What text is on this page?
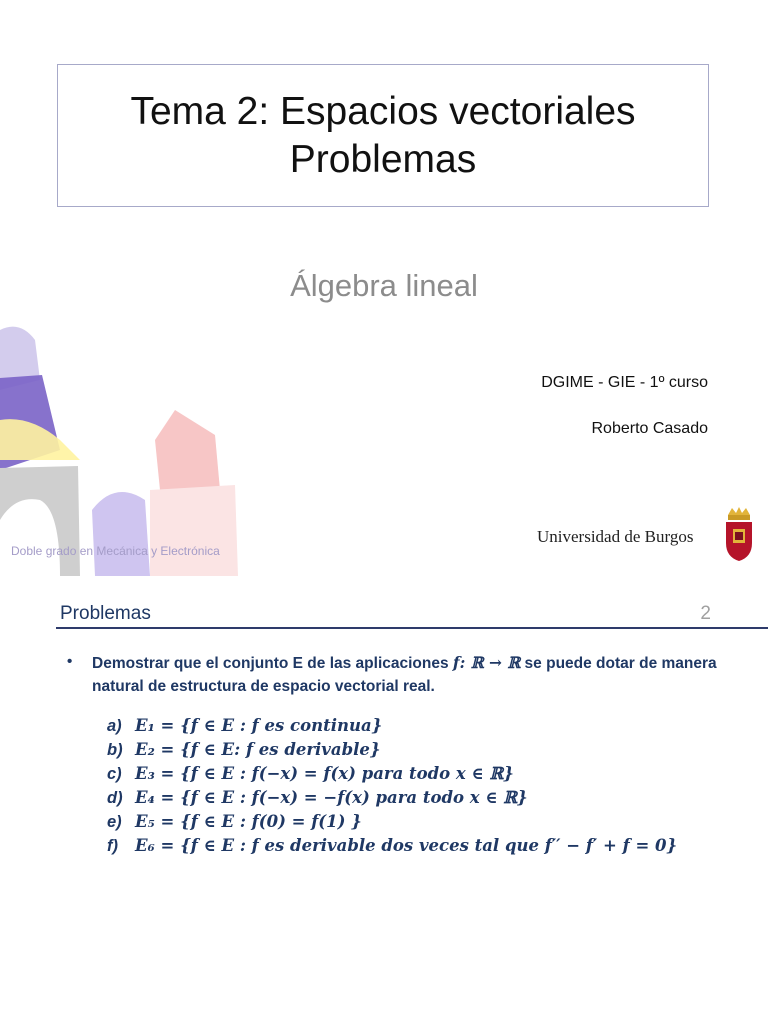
Tema 2: Espacios vectoriales
Problemas
Álgebra lineal
DGIME - GIE - 1º curso
Roberto Casado
Doble grado en Mecánica y Electrónica
Universidad de Burgos
Problemas	2
• Demostrar que el conjunto E de las aplicaciones f: ℝ → ℝ se puede dotar de manera natural de estructura de espacio vectorial real.
a) E₁ = {f ∈ E : f es continua}
b) E₂ = {f ∈ E: f es derivable}
c) E₃ = {f ∈ E : f(−x) = f(x) para todo x ∈ ℝ}
d) E₄ = {f ∈ E : f(−x) = −f(x) para todo x ∈ ℝ}
e) E₅ = {f ∈ E : f(0) = f(1) }
f)	E₆ = {f ∈ E : f es derivable dos veces tal que f′′ − f′ + f = 0}
